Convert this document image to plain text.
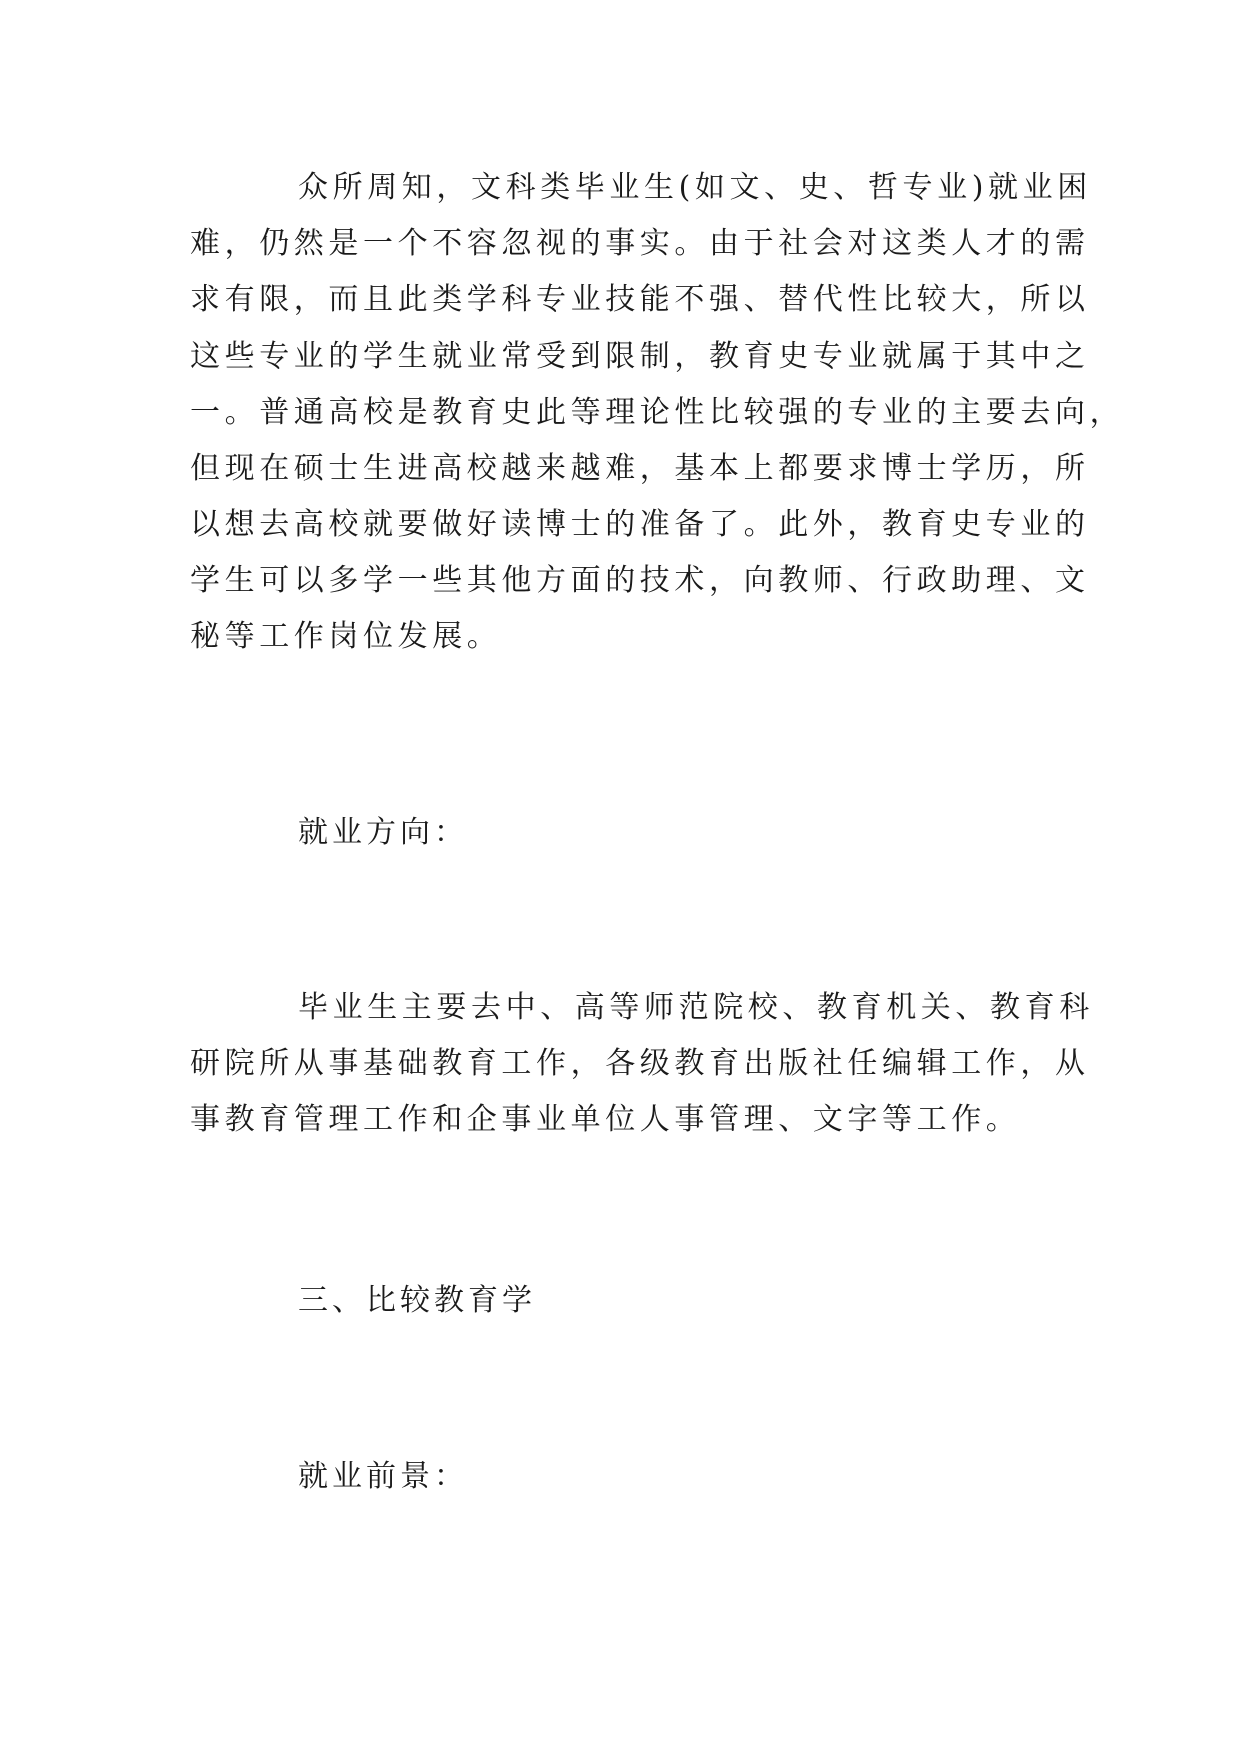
众所周知，文科类毕业生(如文、史、哲专业)就业困
难，仍然是一个不容忽视的事实。由于社会对这类人才的需
求有限，而且此类学科专业技能不强、替代性比较大，所以
这些专业的学生就业常受到限制，教育史专业就属于其中之
一。普通高校是教育史此等理论性比较强的专业的主要去向，
但现在硕士生进高校越来越难，基本上都要求博士学历，所
以想去高校就要做好读博士的准备了。此外，教育史专业的
学生可以多学一些其他方面的技术，向教师、行政助理、文
秘等工作岗位发展。
就业方向：
毕业生主要去中、高等师范院校、教育机关、教育科
研院所从事基础教育工作，各级教育出版社任编辑工作，从
事教育管理工作和企事业单位人事管理、文字等工作。
三、比较教育学
就业前景：
